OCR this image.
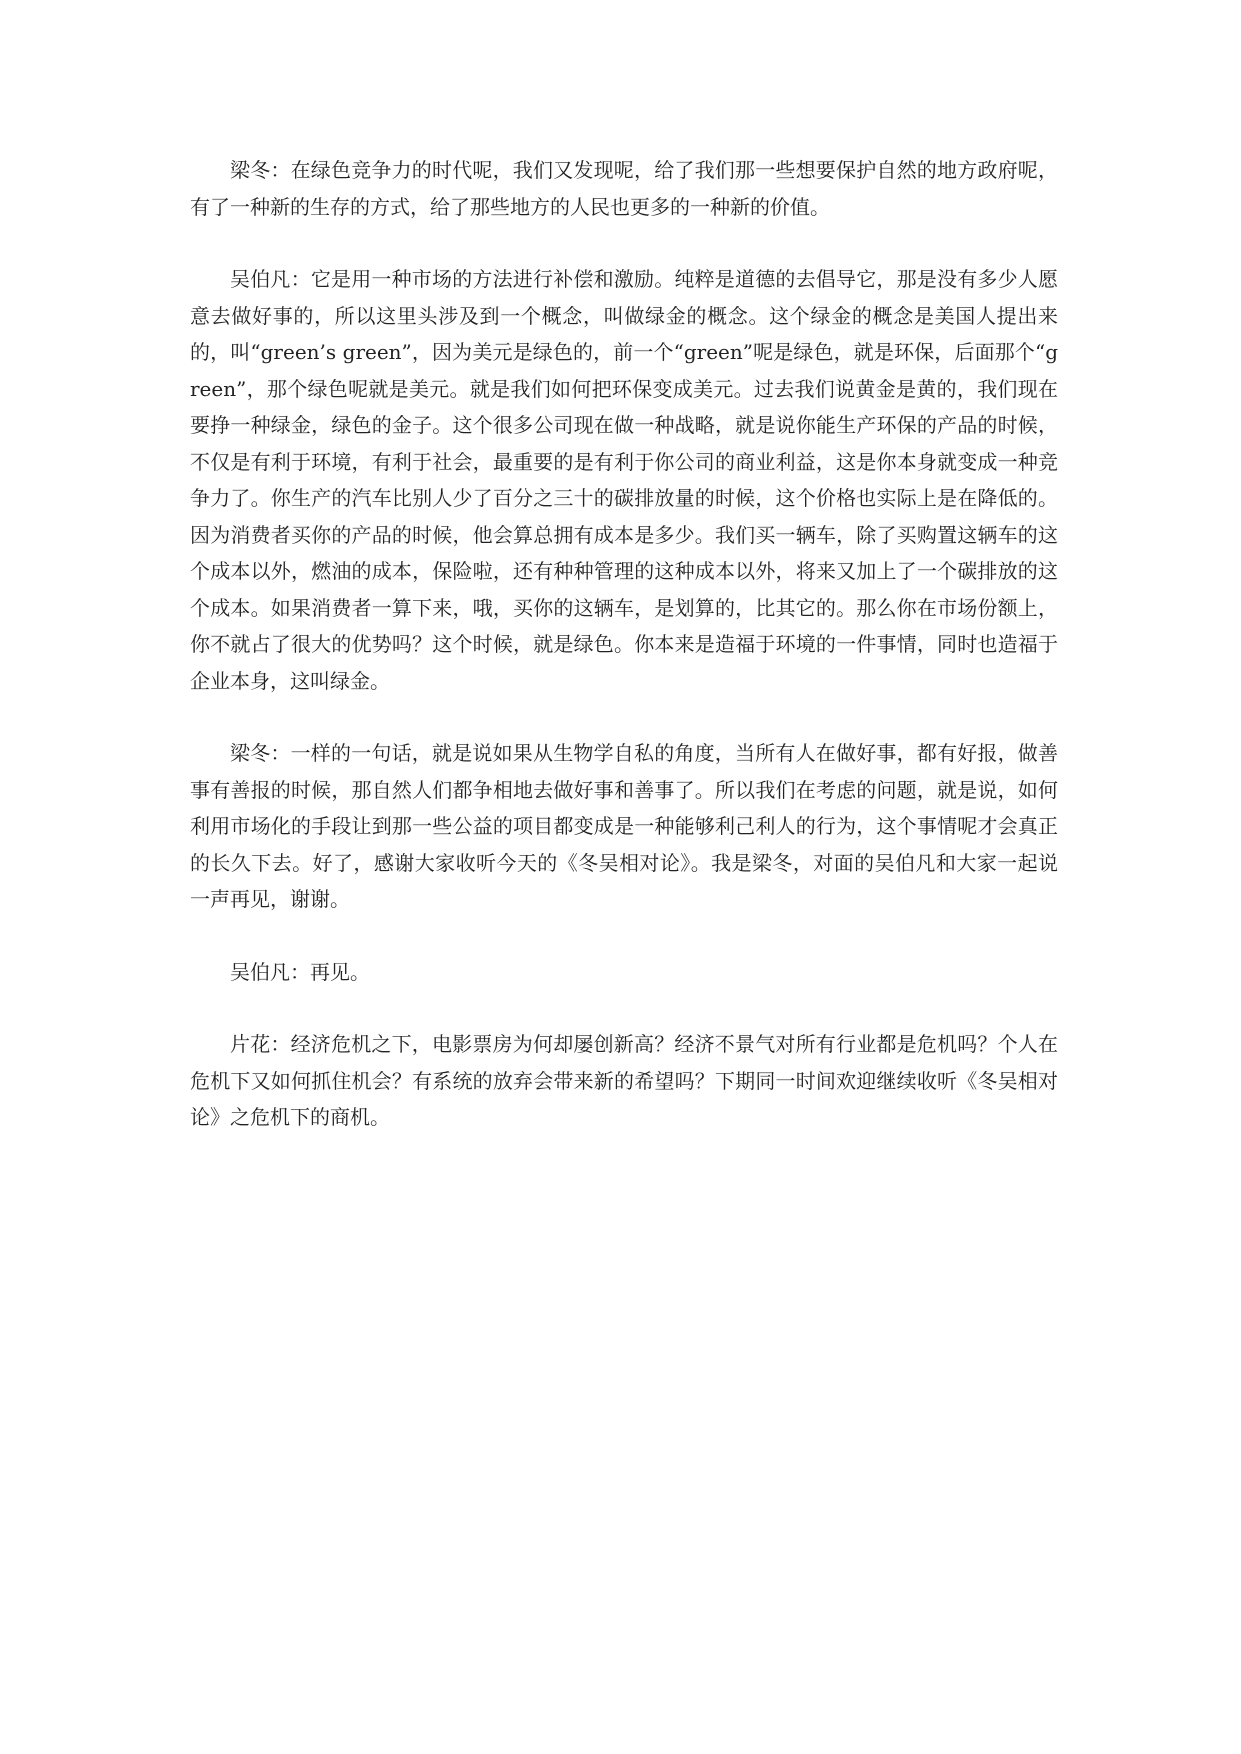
梁冬：在绿色竞争力的时代呢，我们又发现呢，给了我们那一些想要保护自然的地方政府呢，有了一种新的生存的方式，给了那些地方的人民也更多的一种新的价值。

吴伯凡：它是用一种市场的方法进行补偿和激励。纯粹是道德的去倡导它，那是没有多少人愿意去做好事的，所以这里头涉及到一个概念，叫做绿金的概念。这个绿金的概念是美国人提出来的，叫“green’s green”，因为美元是绿色的，前一个“green”呢是绿色，就是环保，后面那个“green”，那个绿色呢就是美元。就是我们如何把环保变成美元。过去我们说黄金是黄的，我们现在要挣一种绿金，绿色的金子。这个很多公司现在做一种战略，就是说你能生产环保的产品的时候，不仅是有利于环境，有利于社会，最重要的是有利于你公司的商业利益，这是你本身就变成一种竞争力了。你生产的汽车比别人少了百分之三十的碳排放量的时候，这个价格也实际上是在降低的。因为消费者买你的产品的时候，他会算总拥有成本是多少。我们买一辆车，除了买购置这辆车的这个成本以外，燃油的成本，保险啦，还有种种管理的这种成本以外，将来又加上了一个碳排放的这个成本。如果消费者一算下来，哦，买你的这辆车，是划算的，比其它的。那么你在市场份额上，你不就占了很大的优势吗？这个时候，就是绿色。你本来是造福于环境的一件事情，同时也造福于企业本身，这叫绿金。

梁冬：一样的一句话，就是说如果从生物学自私的角度，当所有人在做好事，都有好报，做善事有善报的时候，那自然人们都争相地去做好事和善事了。所以我们在考虑的问题，就是说，如何利用市场化的手段让到那一些公益的项目都变成是一种能够利己利人的行为，这个事情呢才会真正的长久下去。好了，感谢大家收听今天的《冬吴相对论》。我是梁冬，对面的吴伯凡和大家一起说一声再见，谢谢。

吴伯凡：再见。

片花：经济危机之下，电影票房为何却屡创新高？经济不景气对所有行业都是危机吗？个人在危机下又如何抓住机会？有系统的放弃会带来新的希望吗？下期同一时间欢迎继续收听《冬吴相对论》之危机下的商机。
